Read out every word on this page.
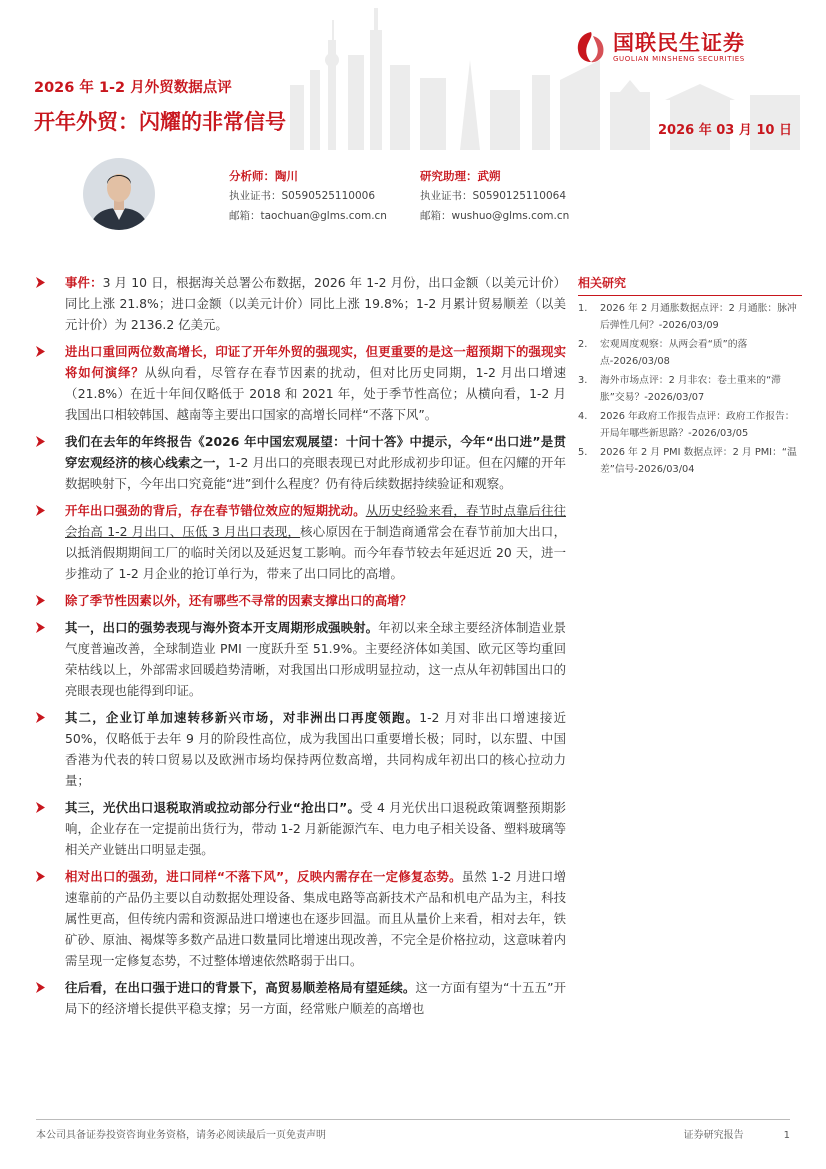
国联民生证券
GUOLIAN MINSHENG SECURITIES
2026 年 1-2 月外贸数据点评
开年外贸：闪耀的非常信号	2026 年 03 月 10 日
分析师：陶川
执业证书：S0590525110006
邮箱：taochuan@glms.com.cn
研究助理：武朔
执业证书：S0590125110064
邮箱：wushuo@glms.com.cn
事件：3 月 10 日，根据海关总署公布数据，2026 年 1-2 月份，出口金额（以美元计价）同比上涨 21.8%；进口金额（以美元计价）同比上涨 19.8%；1-2 月累计贸易顺差（以美元计价）为 2136.2 亿美元。
进出口重回两位数高增长，印证了开年外贸的强现实，但更重要的是这一超预期下的强现实将如何演绎？从纵向看，尽管存在春节因素的扰动，但对比历史同期，1-2 月出口增速（21.8%）在近十年间仅略低于 2018 和 2021 年，处于季节性高位；从横向看，1-2 月我国出口相较韩国、越南等主要出口国家的高增长同样“不落下风”。
我们在去年的年终报告《2026 年中国宏观展望：十问十答》中提示，今年“出口进”是贯穿宏观经济的核心线索之一，1-2 月出口的亮眼表现已对此形成初步印证。但在闪耀的开年数据映射下，今年出口究竟能“进”到什么程度？仍有待后续数据持续验证和观察。
开年出口强劲的背后，存在春节错位效应的短期扰动。从历史经验来看，春节时点靠后往往会抬高 1-2 月出口、压低 3 月出口表现，核心原因在于制造商通常会在春节前加大出口，以抵消假期期间工厂的临时关闭以及延迟复工影响。而今年春节较去年延迟近 20 天，进一步推动了 1-2 月企业的抢订单行为，带来了出口同比的高增。
除了季节性因素以外，还有哪些不寻常的因素支撑出口的高增？
其一，出口的强势表现与海外资本开支周期形成强映射。年初以来全球主要经济体制造业景气度普遍改善，全球制造业 PMI 一度跃升至 51.9%。主要经济体如美国、欧元区等均重回荣枯线以上，外部需求回暖趋势清晰，对我国出口形成明显拉动，这一点从年初韩国出口的亮眼表现也能得到印证。
其二，企业订单加速转移新兴市场，对非洲出口再度领跑。1-2 月对非出口增速接近 50%，仅略低于去年 9 月的阶段性高位，成为我国出口重要增长极；同时，以东盟、中国香港为代表的转口贸易以及欧洲市场均保持两位数高增，共同构成年初出口的核心拉动力量；
其三，光伏出口退税取消或拉动部分行业“抢出口”。受 4 月光伏出口退税政策调整预期影响，企业存在一定提前出货行为，带动 1-2 月新能源汽车、电力电子相关设备、塑料玻璃等相关产业链出口明显走强。
相对出口的强劲，进口同样“不落下风”，反映内需存在一定修复态势。虽然 1-2 月进口增速靠前的产品仍主要以自动数据处理设备、集成电路等高新技术产品和机电产品为主，科技属性更高，但传统内需和资源品进口增速也在逐步回温。而且从量价上来看，相对去年，铁矿砂、原油、褐煤等多数产品进口数量同比增速出现改善，不完全是价格拉动，这意味着内需呈现一定修复态势，不过整体增速依然略弱于出口。
往后看，在出口强于进口的背景下，高贸易顺差格局有望延续。这一方面有望为“十五五”开局下的经济增长提供平稳支撑；另一方面，经常账户顺差的高增也
相关研究
1. 2026 年 2 月通胀数据点评：2 月通胀：脉冲后弹性几何？-2026/03/09
2. 宏观周度观察：从两会看“质”的落点-2026/03/08
3. 海外市场点评：2 月非农：卷土重来的“滞胀”交易？-2026/03/07
4. 2026 年政府工作报告点评：政府工作报告：开局年哪些新思路？-2026/03/05
5. 2026 年 2 月 PMI 数据点评：2 月 PMI：“温差”信号-2026/03/04
本公司具备证券投资咨询业务资格，请务必阅读最后一页免责声明	证券研究报告	1
